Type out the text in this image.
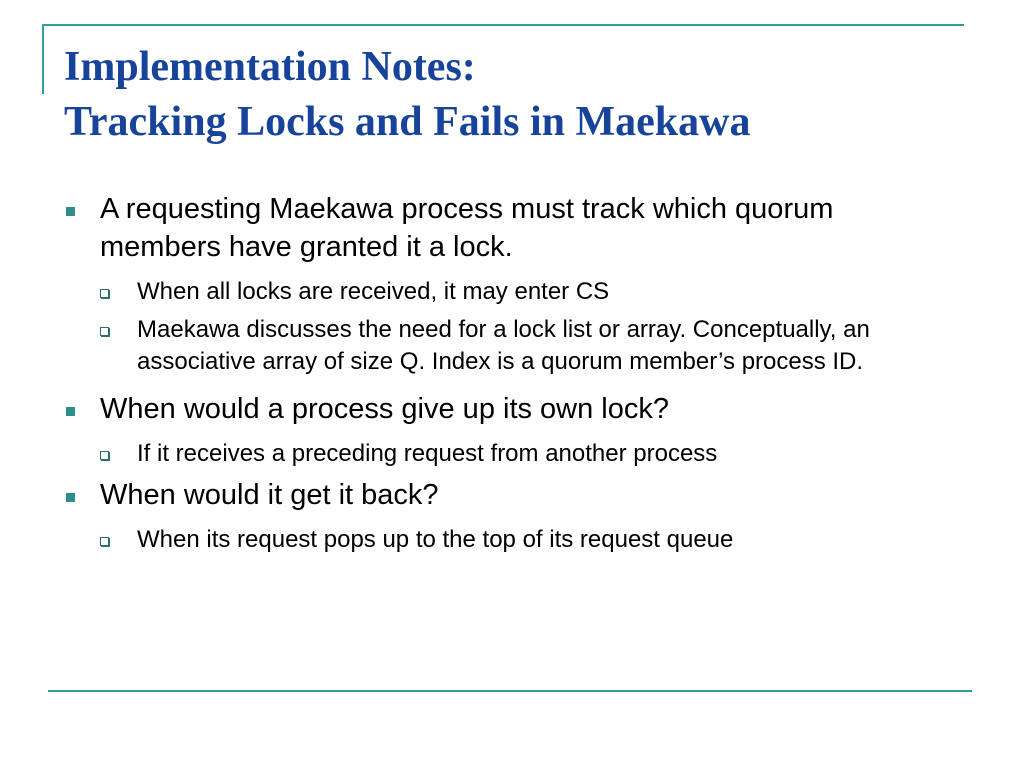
Implementation Notes:
Tracking Locks and Fails in Maekawa
A requesting Maekawa process must track which quorum members have granted it a lock.
When all locks are received, it may enter CS
Maekawa discusses the need for a lock list or array. Conceptually, an associative array of size Q. Index is a quorum member’s process ID.
When would a process give up its own lock?
If it receives a preceding request from another process
When would it get it back?
When its request pops up to the top of its request queue
